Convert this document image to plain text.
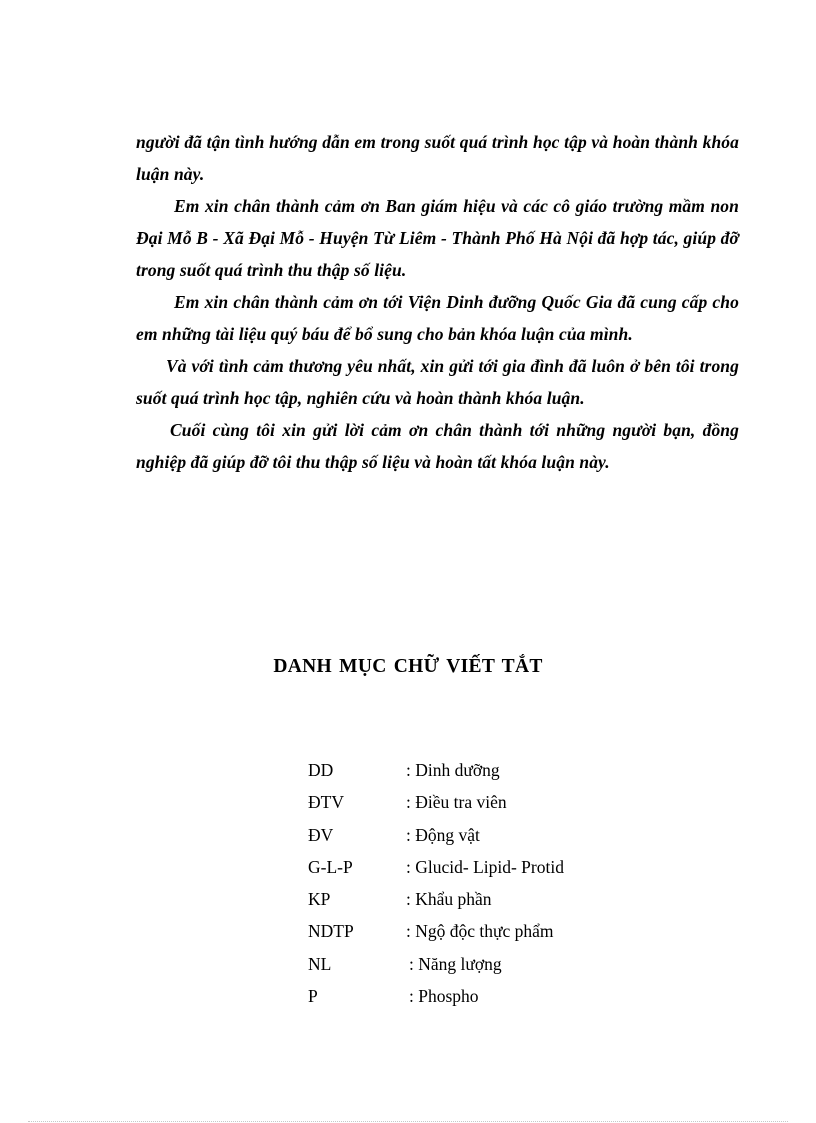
người đã tận tình hướng dẫn em trong suốt quá trình học tập và hoàn thành khóa luận này.

Em xin chân thành cảm ơn Ban giám hiệu và các cô giáo trường mầm non Đại Mỗ B - Xã Đại Mỗ - Huyện Từ Liêm - Thành Phố Hà Nội đã hợp tác, giúp đỡ trong suốt quá trình thu thập số liệu.

Em xin chân thành cảm ơn tới Viện Dinh đưỡng Quốc Gia đã cung cấp cho em những tài liệu quý báu để bổ sung cho bản khóa luận của mình.

Và với tình cảm thương yêu nhất, xin gửi tới gia đình đã luôn ở bên tôi trong suốt quá trình học tập, nghiên cứu và hoàn thành khóa luận.

Cuối cùng tôi xin gửi lời cảm ơn chân thành tới những người bạn, đồng nghiệp đã giúp đỡ tôi thu thập số liệu và hoàn tất khóa luận này.

DANH MỤC CHỮ VIẾT TẮT
DD	: Dinh dưỡng
ĐTV	: Điều tra viên
ĐV	: Động vật
G-L-P	: Glucid- Lipid- Protid
KP	: Khẩu phần
NDTP	: Ngộ độc thực phẩm
NL	: Năng lượng
P	: Phospho
